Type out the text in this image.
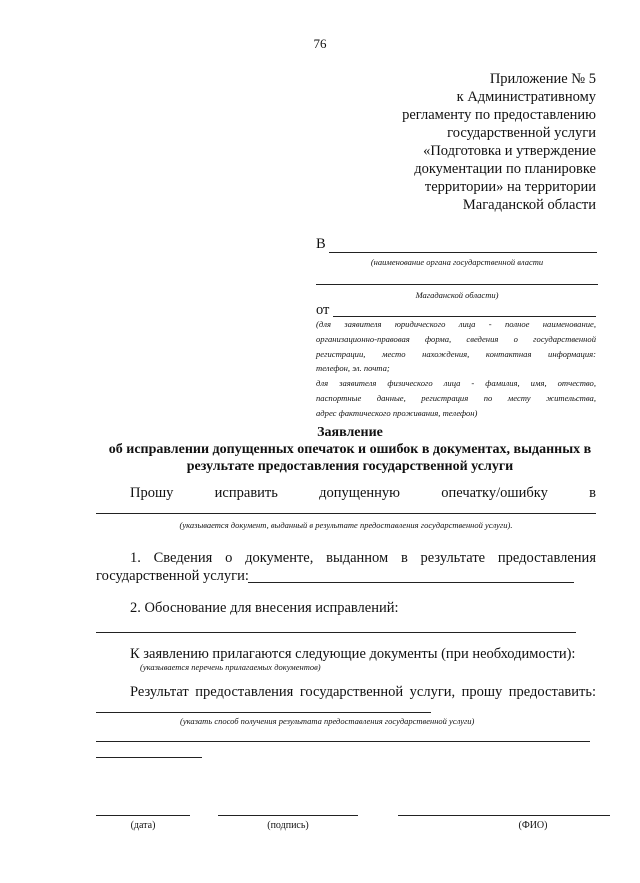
76
Приложение № 5
к Административному
регламенту по предоставлению
государственной услуги
«Подготовка и утверждение
документации по планировке
территории» на территории
Магаданской области
В
(наименование органа государственной власти
Магаданской области)
от
(для заявителя юридического лица - полное наименование,
организационно-правовая форма, сведения о государственной
регистрации, место нахождения, контактная информация:
телефон, эл. почта;
для заявителя физического лица - фамилия, имя, отчество,
паспортные данные, регистрация по месту жительства,
адрес фактического проживания, телефон)
Заявление
об исправлении допущенных опечаток и ошибок в документах, выданных в
результате предоставления государственной услуги
Прошу	исправить	допущенную	опечатку/ошибку	в
(указывается документ, выданный в результате предоставления государственной услуги).
1. Сведения о документе, выданном в результате предоставления
государственной услуги:
2. Обоснование для внесения исправлений:
К заявлению прилагаются следующие документы (при необходимости):
(указывается перечень прилагаемых документов)
Результат предоставления государственной услуги, прошу предоставить:
(указать способ получения результата предоставления государственной услуги)
(дата)	(подпись)	(ФИО)
